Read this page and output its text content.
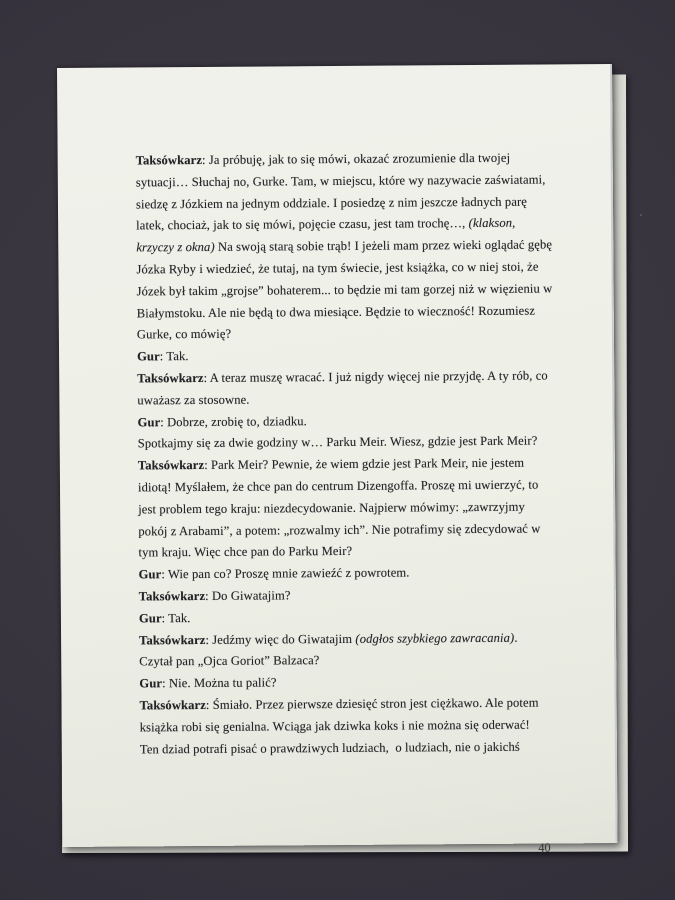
Taksówkarz: Ja próbuję, jak to się mówi, okazać zrozumienie dla twojej
sytuacji… Słuchaj no, Gurke. Tam, w miejscu, które wy nazywacie zaświatami,
siedzę z Józkiem na jednym oddziale. I posiedzę z nim jeszcze ładnych parę
latek, chociaż, jak to się mówi, pojęcie czasu, jest tam trochę…, (klakson,
krzyczy z okna) Na swoją starą sobie trąb! I jeżeli mam przez wieki oglądać gębę
Józka Ryby i wiedzieć, że tutaj, na tym świecie, jest książka, co w niej stoi, że
Józek był takim „grojse” bohaterem... to będzie mi tam gorzej niż w więzieniu w
Białymstoku. Ale nie będą to dwa miesiące. Będzie to wieczność! Rozumiesz
Gurke, co mówię?
Gur: Tak.
Taksówkarz: A teraz muszę wracać. I już nigdy więcej nie przyjdę. A ty rób, co
uważasz za stosowne.
Gur: Dobrze, zrobię to, dziadku.
Spotkajmy się za dwie godziny w… Parku Meir. Wiesz, gdzie jest Park Meir?
Taksówkarz: Park Meir? Pewnie, że wiem gdzie jest Park Meir, nie jestem
idiotą! Myślałem, że chce pan do centrum Dizengoffa. Proszę mi uwierzyć, to
jest problem tego kraju: niezdecydowanie. Najpierw mówimy: „zawrzyjmy
pokój z Arabami”, a potem: „rozwalmy ich”. Nie potrafimy się zdecydować w
tym kraju. Więc chce pan do Parku Meir?
Gur: Wie pan co? Proszę mnie zawieźć z powrotem.
Taksówkarz: Do Giwatajim?
Gur: Tak.
Taksówkarz: Jedźmy więc do Giwatajim (odgłos szybkiego zawracania).
Czytał pan „Ojca Goriot” Balzaca?
Gur: Nie. Można tu palić?
Taksówkarz: Śmiało. Przez pierwsze dziesięć stron jest ciężkawo. Ale potem
książka robi się genialna. Wciąga jak dziwka koks i nie można się oderwać!
Ten dziad potrafi pisać o prawdziwych ludziach,  o ludziach, nie o jakichś
40
